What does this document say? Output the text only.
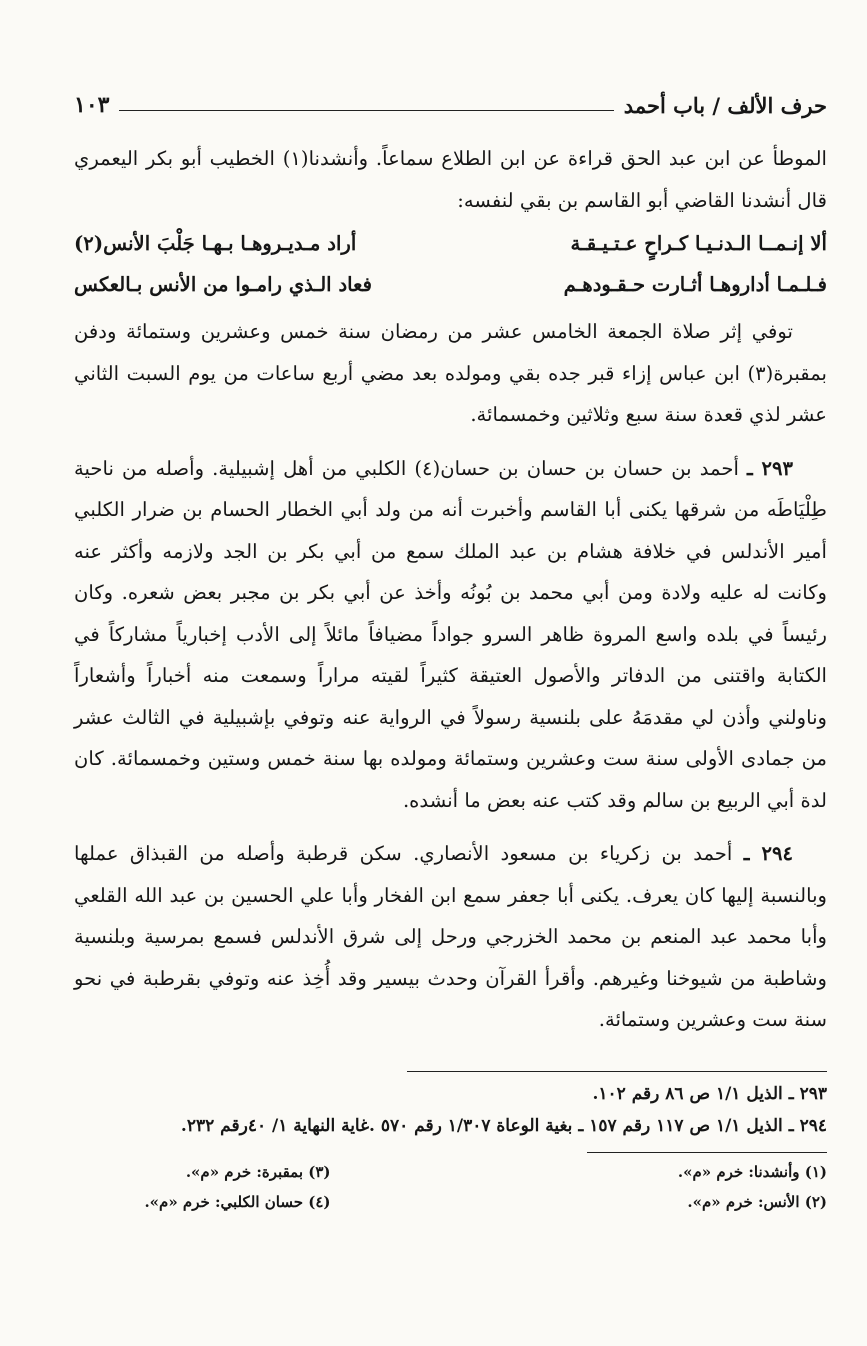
حرف الألف / باب أحمد
١٠٣

الموطأ عن ابن عبد الحق قراءة عن ابن الطلاع سماعاً. وأنشدنا(١) الخطيب أبو بكر اليعمري قال أنشدنا القاضي أبو القاسم بن بقي لنفسه:

ألا إنـمــا الـدنـيـا كـراحٍ عـتـيـقـة
أراد مـديـروهـا بـهـا جَلْبَ الأنس(٢)
فـلـمـا أداروهـا أثـارت حـقـودهـم
فعاد الـذي رامـوا من الأنس بـالعكس

توفي إثر صلاة الجمعة الخامس عشر من رمضان سنة خمس وعشرين وستمائة ودفن بمقبرة(٣) ابن عباس إزاء قبر جده بقي ومولده بعد مضي أربع ساعات من يوم السبت الثاني عشر لذي قعدة سنة سبع وثلاثين وخمسمائة.

٢٩٣ ـ أحمد بن حسان بن حسان بن حسان(٤) الكلبي من أهل إشبيلية. وأصله من ناحية طِلْيَاطَه من شرقها يكنى أبا القاسم وأخبرت أنه من ولد أبي الخطار الحسام بن ضرار الكلبي أمير الأندلس في خلافة هشام بن عبد الملك سمع من أبي بكر بن الجد ولازمه وأكثر عنه وكانت له عليه ولادة ومن أبي محمد بن بُونُه وأخذ عن أبي بكر بن مجبر بعض شعره. وكان رئيساً في بلده واسع المروة ظاهر السرو جواداً مضيافاً مائلاً إلى الأدب إخبارياً مشاركاً في الكتابة واقتنى من الدفاتر والأصول العتيقة كثيراً لقيته مراراً وسمعت منه أخباراً وأشعاراً وناولني وأذن لي مقدمَهُ على بلنسية رسولاً في الرواية عنه وتوفي بإشبيلية في الثالث عشر من جمادى الأولى سنة ست وعشرين وستمائة ومولده بها سنة خمس وستين وخمسمائة. كان لدة أبي الربيع بن سالم وقد كتب عنه بعض ما أنشده.

٢٩٤ ـ أحمد بن زكرياء بن مسعود الأنصاري. سكن قرطبة وأصله من القبذاق عملها وبالنسبة إليها كان يعرف. يكنى أبا جعفر سمع ابن الفخار وأبا علي الحسين بن عبد الله القلعي وأبا محمد عبد المنعم بن محمد الخزرجي ورحل إلى شرق الأندلس فسمع بمرسية وبلنسية وشاطبة من شيوخنا وغيرهم. وأقرأ القرآن وحدث بيسير وقد أُخِذ عنه وتوفي بقرطبة في نحو سنة ست وعشرين وستمائة.

٢٩٣ ـ الذيل ١/١ ص ٨٦ رقم ١٠٢.
٢٩٤ ـ الذيل ١/١ ص ١١٧ رقم ١٥٧ ـ بغية الوعاة ١/٣٠٧ رقم ٥٧٠ .غاية النهاية ١/ ٤٠رقم ٢٣٢.
(١) وأنشدنا: خرم «م».
(٢) الأنس: خرم «م».
(٣) بمقبرة: خرم «م».
(٤) حسان الكلبي: خرم «م».
